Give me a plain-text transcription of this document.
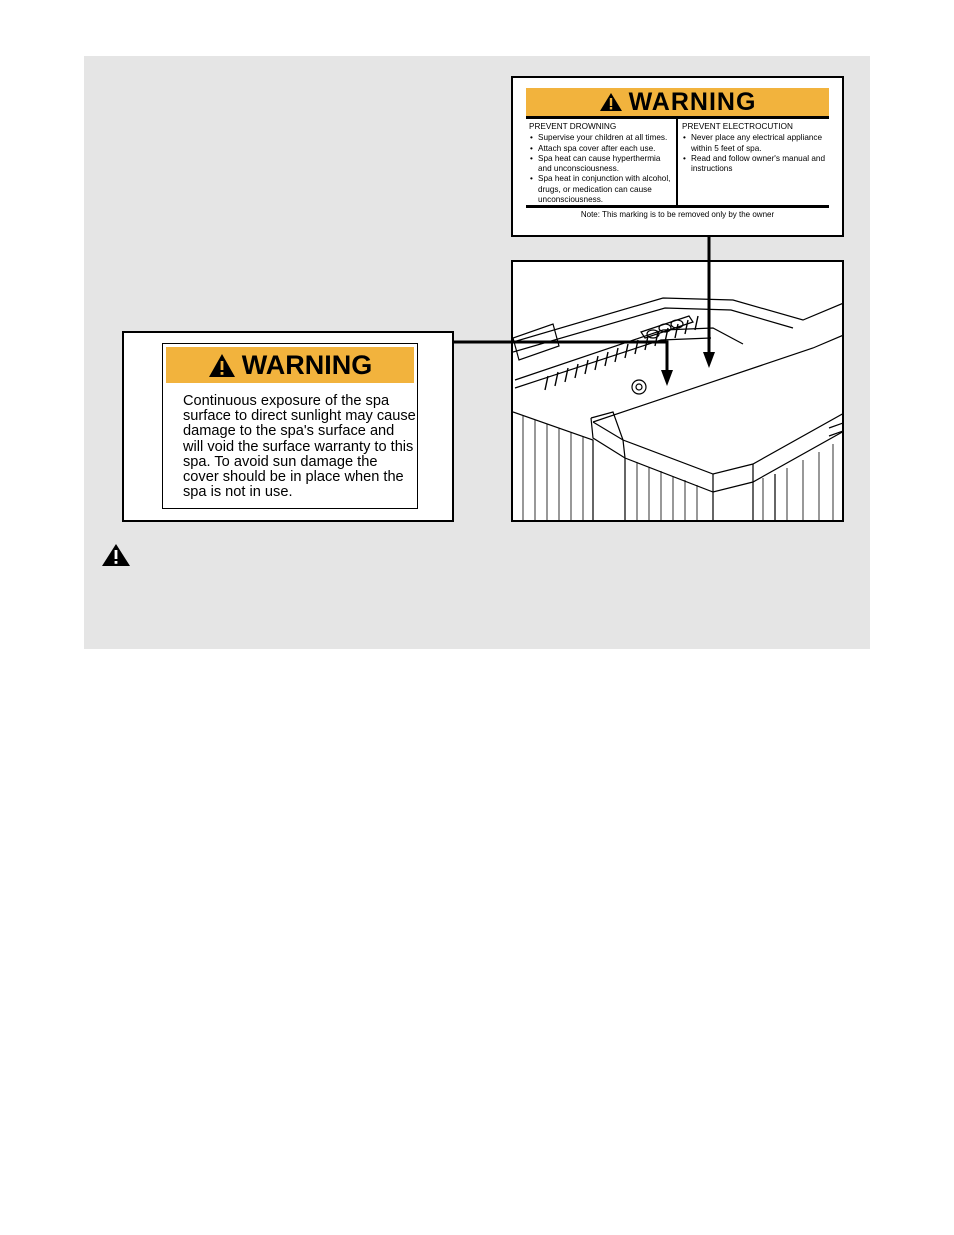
WARNING
PREVENT DROWNING
• Supervise your children at all times.
• Attach spa cover after each use.
• Spa heat can cause hyperthermia and unconsciousness.
• Spa heat in conjunction with alcohol, drugs, or medication can cause unconsciousness.
PREVENT ELECTROCUTION
• Never place any electrical appliance within 5 feet of spa.
• Read and follow owner's manual and instructions
Note: This marking is to be removed only by the owner
WARNING
Continuous exposure of the spa surface to direct sunlight may cause damage to the spa's surface and will void the surface warranty to this spa. To avoid sun damage the cover should be in place when the spa is not in use.
